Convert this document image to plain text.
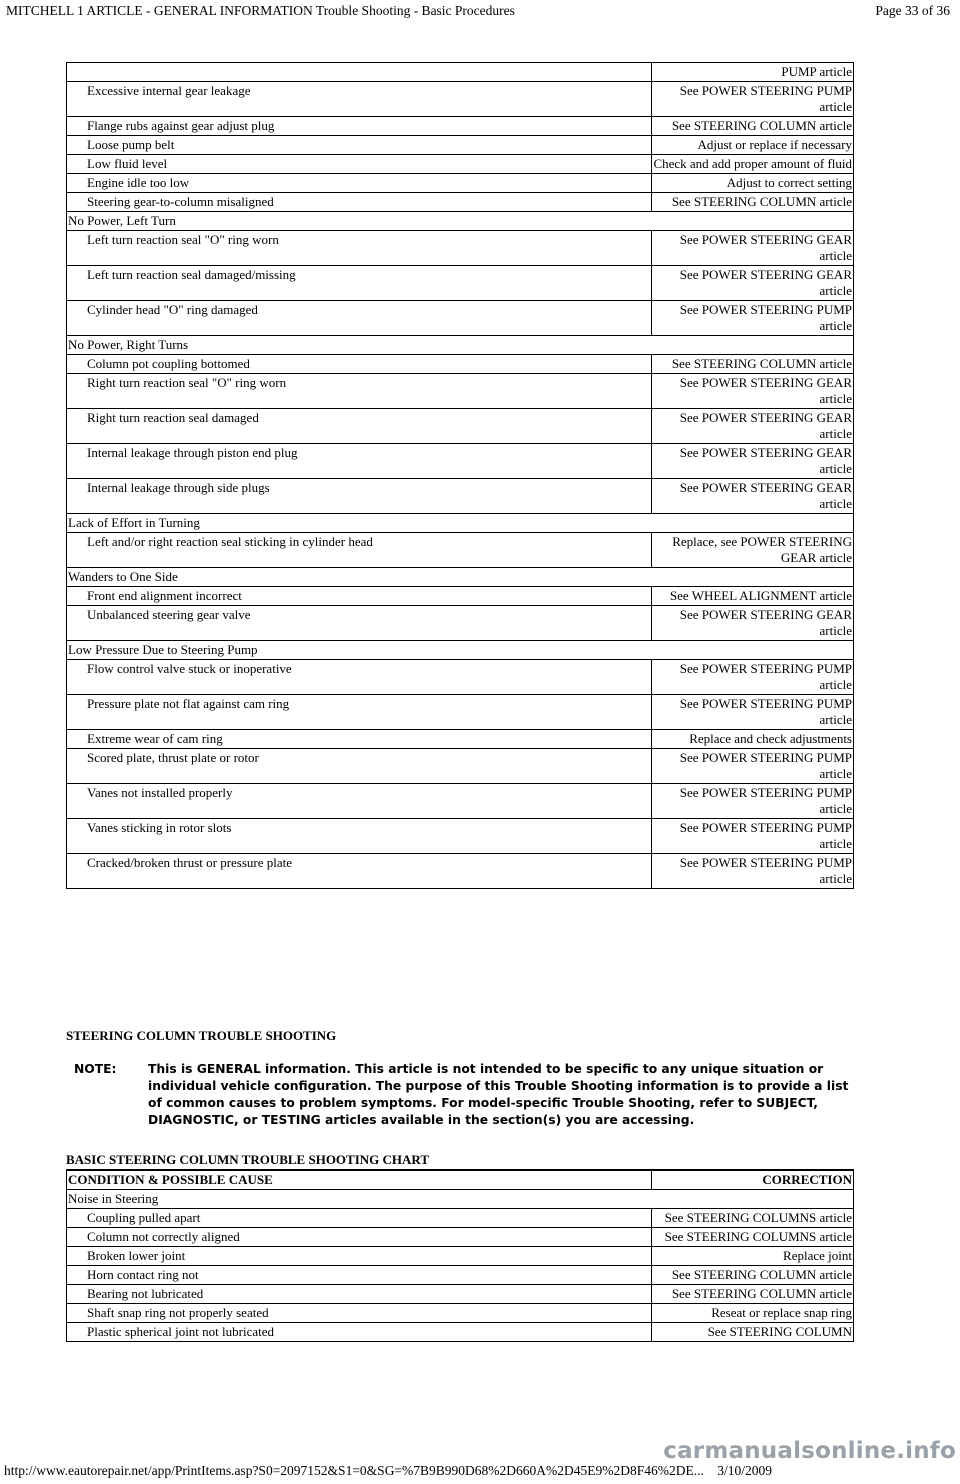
MITCHELL 1 ARTICLE - GENERAL INFORMATION Trouble Shooting - Basic Procedures	Page 33 of 36
	PUMP article
Excessive internal gear leakage	See POWER STEERING PUMP article
Flange rubs against gear adjust plug	See STEERING COLUMN article
Loose pump belt	Adjust or replace if necessary
Low fluid level	Check and add proper amount of fluid
Engine idle too low	Adjust to correct setting
Steering gear-to-column misaligned	See STEERING COLUMN article
No Power, Left Turn	
Left turn reaction seal "O" ring worn	See POWER STEERING GEAR article
Left turn reaction seal damaged/missing	See POWER STEERING GEAR article
Cylinder head "O" ring damaged	See POWER STEERING PUMP article
No Power, Right Turns	
Column pot coupling bottomed	See STEERING COLUMN article
Right turn reaction seal "O" ring worn	See POWER STEERING GEAR article
Right turn reaction seal damaged	See POWER STEERING GEAR article
Internal leakage through piston end plug	See POWER STEERING GEAR article
Internal leakage through side plugs	See POWER STEERING GEAR article
Lack of Effort in Turning	
Left and/or right reaction seal sticking in cylinder head	Replace, see POWER STEERING GEAR article
Wanders to One Side	
Front end alignment incorrect	See WHEEL ALIGNMENT article
Unbalanced steering gear valve	See POWER STEERING GEAR article
Low Pressure Due to Steering Pump	
Flow control valve stuck or inoperative	See POWER STEERING PUMP article
Pressure plate not flat against cam ring	See POWER STEERING PUMP article
Extreme wear of cam ring	Replace and check adjustments
Scored plate, thrust plate or rotor	See POWER STEERING PUMP article
Vanes not installed properly	See POWER STEERING PUMP article
Vanes sticking in rotor slots	See POWER STEERING PUMP article
Cracked/broken thrust or pressure plate	See POWER STEERING PUMP article
STEERING COLUMN TROUBLE SHOOTING
NOTE:	This is GENERAL information. This article is not intended to be specific to any unique situation or individual vehicle configuration. The purpose of this Trouble Shooting information is to provide a list of common causes to problem symptoms. For model-specific Trouble Shooting, refer to SUBJECT, DIAGNOSTIC, or TESTING articles available in the section(s) you are accessing.
BASIC STEERING COLUMN TROUBLE SHOOTING CHART
CONDITION & POSSIBLE CAUSE	CORRECTION
Noise in Steering	
Coupling pulled apart	See STEERING COLUMNS article
Column not correctly aligned	See STEERING COLUMNS article
Broken lower joint	Replace joint
Horn contact ring not	See STEERING COLUMN article
Bearing not lubricated	See STEERING COLUMN article
Shaft snap ring not properly seated	Reseat or replace snap ring
Plastic spherical joint not lubricated	See STEERING COLUMN
http://www.eautorepair.net/app/PrintItems.asp?S0=2097152&S1=0&SG=%7B9B990D68%2D660A%2D45E9%2D8F46%2DE... 3/10/2009
carmanualsonline.info
